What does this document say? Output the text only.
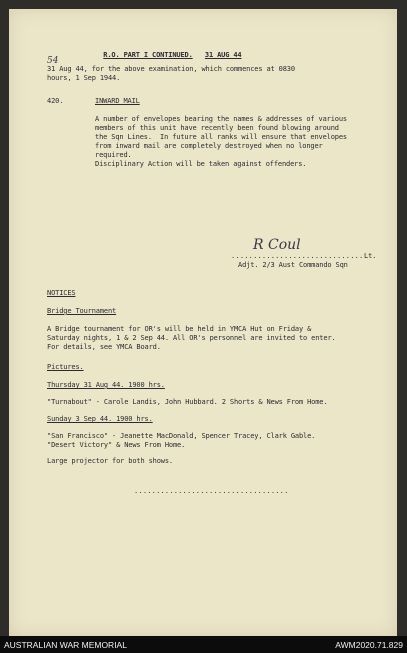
R.O. PART I CONTINUED. 31 AUG 44

54
31 Aug 44, for the above examination, which commences at 0830
hours, 1 Sep 1944.
420.	INWARD MAIL
A number of envelopes bearing the names & addresses of various
members of this unit have recently been found blowing around
the Sqn Lines.  In future all ranks will ensure that envelopes
from inward mail are completely destroyed when no longer
required.
Disciplinary Action will be taken against offenders.
R Coul
.............................. Lt.
Adjt. 2/3 Aust Commando Sqn
NOTICES
Bridge Tournament
A Bridge tournament for OR's will be held in YMCA Hut on Friday &
Saturday nights, 1 & 2 Sep 44. All OR's personnel are invited to enter.
For details, see YMCA Board.
Pictures.
Thursday 31 Aug 44. 1900 hrs.
"Turnabout" - Carole Landis, John Hubbard. 2 Shorts & News From Home.
Sunday 3 Sep 44. 1900 hrs.
"San Francisco" - Jeanette MacDonald, Spencer Tracey, Clark Gable.
"Desert Victory" & News From Home.
Large projector for both shows.
...................................
AUSTRALIAN WAR MEMORIAL	AWM2020.71.829
